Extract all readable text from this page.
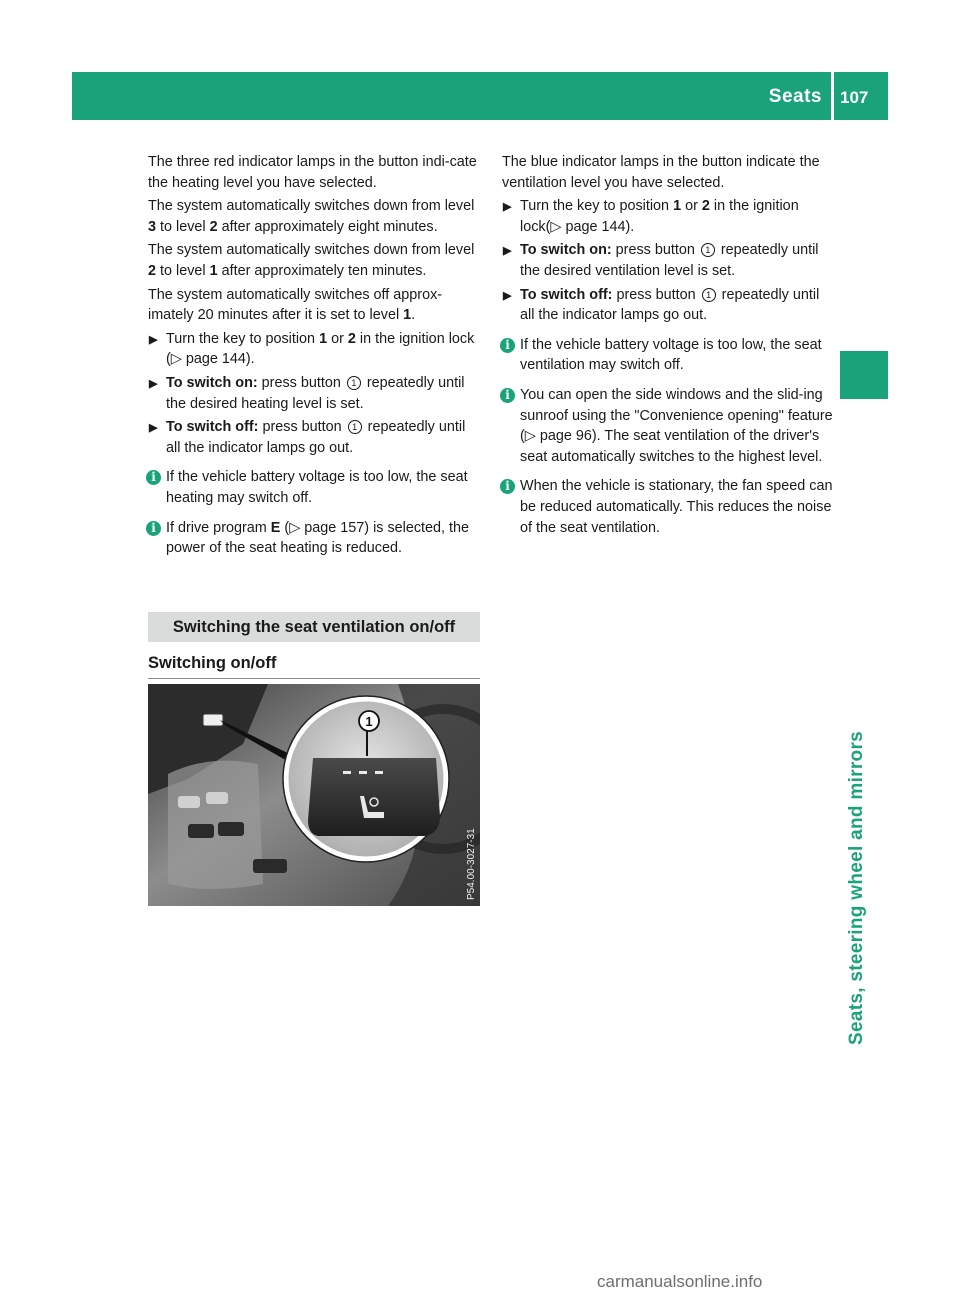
Seats 107
Seats, steering wheel and mirrors

The three red indicator lamps in the button indi-cate the heating level you have selected.

The system automatically switches down from level 3 to level 2 after approximately eight minutes.

The system automatically switches down from level 2 to level 1 after approximately ten minutes.

The system automatically switches off approx-imately 20 minutes after it is set to level 1.

▶ Turn the key to position 1 or 2 in the ignition lock (▷ page 144).
▶ To switch on: press button 1 repeatedly until the desired heating level is set.
▶ To switch off: press button 1 repeatedly until all the indicator lamps go out.
i If the vehicle battery voltage is too low, the seat heating may switch off.
i If drive program E (▷ page 157) is selected, the power of the seat heating is reduced.
Switching the seat ventilation on/off
Switching on/off
1
P54.00-3027-31

The blue indicator lamps in the button indicate the ventilation level you have selected.

▶ Turn the key to position 1 or 2 in the ignition lock(▷ page 144).
▶ To switch on: press button 1 repeatedly until the desired ventilation level is set.
▶ To switch off: press button 1 repeatedly until all the indicator lamps go out.
i If the vehicle battery voltage is too low, the seat ventilation may switch off.
i You can open the side windows and the slid-ing sunroof using the "Convenience opening" feature (▷ page 96). The seat ventilation of the driver's seat automatically switches to the highest level.
i When the vehicle is stationary, the fan speed can be reduced automatically. This reduces the noise of the seat ventilation.
carmanualsonline.info
